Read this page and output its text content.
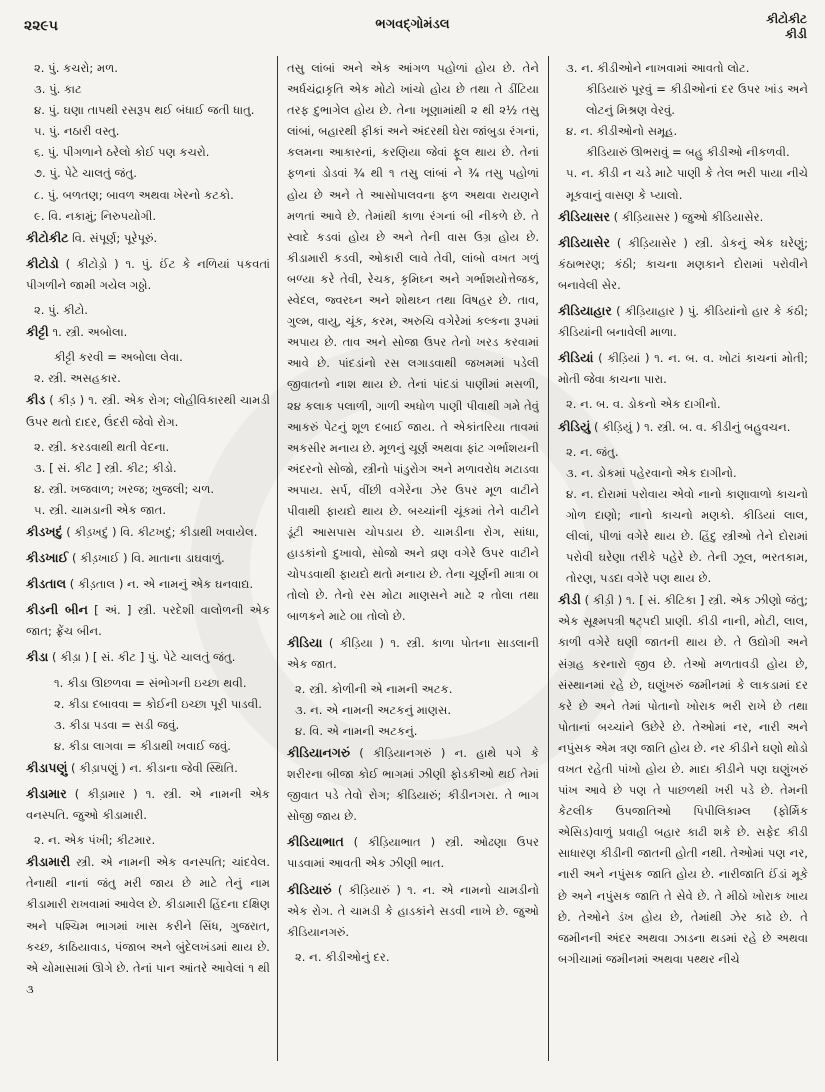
૨૨૯૫	ભગવદ્ગોમંડલ	કીટોકીટ
કીડી

૨. પું. કચરો; મળ.

૩. પું. કાટ

૪. પું. ઘણા તાપથી રસરૂપ થઈ બંધાઈ જતી ધાતુ.

૫. પું. નઠારી વસ્તુ.

૬. પું. પીગળાને ઠરેલો કોઈ પણ કચરો.

૭. પું. પેટે ચાલતું જંતુ.

૮. પું. બળતણ; બાવળ અથવા ખેરનો કટકો.

૯. વિ. નકામું; નિરુપયોગી.

કીટોકીટ વિ. સંપૂર્ણ; પૂરેપૂરું.

કીટોડો ( કીટોડ઼ો ) ૧. પું. ઈંટ કે નળિયાં પકવતાં પીગળીને જામી ગયેલ ગઠ્ઠો.

૨. પું. કીટો.

કીટ્ટી ૧. સ્ત્રી. અબોલા.

કીટ્ટી કરવી = અબોલા લેવા.

૨. સ્ત્રી. અસહકાર.

કીડ ( કીડ઼ ) ૧. સ્ત્રી. એક રોગ; લોહીવિકારથી ચામડી ઉપર થતો દાદર, ઉંદરી જેવો રોગ.

૨. સ્ત્રી. કરડવાથી થતી વેદના.

૩. [ સં. કીટ ] સ્ત્રી. કીટ; કીડો.

૪. સ્ત્રી. ખજવાળ; ખરજ; ખુજલી; ચળ.

૫. સ્ત્રી. ચામડાની એક જાત.

કીડખદું ( કીડ઼ખદું ) વિ. કીટખદું; કીડાથી ખવાયેલ.

કીડખાઈ ( કીડ઼ખાઈ ) વિ. માતાના ડાઘવાળું.

કીડતાલ ( કીડ઼તાલ ) ન. એ નામનું એક ઘનવાદ્ય.

કીડની બીન [ અં. ] સ્ત્રી. પરદેશી વાલોળની એક જાત; ફ્રેંચ બીન.

કીડા ( કીડ઼ા ) [ સં. કીટ ] પું. પેટે ચાલતું જંતુ.

૧. કીડા ઊછળવા = સંભોગની ઇચ્છા થવી.

૨. કીડા દબાવવા = કોઈની ઇચ્છા પૂરી પાડવી.

૩. કીડા પડવા = સડી જવું.

૪. કીડા લાગવા = કીડાથી ખવાઈ જવું.

કીડાપણું ( કીડ઼ાપણું ) ન. કીડાના જેવી સ્થિતિ.

કીડામાર ( કીડ઼ામાર ) ૧. સ્ત્રી. એ નામની એક વનસ્પતિ. જુઓ કીડામારી.

૨. ન. એક પંખી; કીટમાર.

કીડામારી સ્ત્રી. એ નામની એક વનસ્પતિ; ચાંદવેલ. તેનાથી નાનાં જંતુ મરી જાય છે માટે તેનું નામ કીડામારી રાખવામાં આવેલ છે. કીડામારી હિંદના દક્ષિણ અને પશ્ચિમ ભાગમાં ખાસ કરીને સિંધ, ગુજરાત, કચ્છ, કાઠિયાવાડ, પંજાબ અને બુંદેલખંડમાં થાય છે. એ ચોમાસામાં ઊગે છે. તેનાં પાન આંતરે આવેલાં ૧ થી ૩

તસુ લાંબાં અને એક આંગળ પહોળાં હોય છે. તેને અર્ધચંદ્રાકૃતિ એક મોટો ખાંચો હોય છે તથા તે ડીંટિયા તરફ દુભાગેલ હોય છે. તેના ખૂણામાંથી ૨ થી ૨½ તસુ લાંબાં, બહારથી ફીકાં અને અંદરથી ઘેરા જાંબુડા રંગનાં, કલમના આકારનાં, કરણિયા જેવાં ફૂલ થાય છે. તેનાં ફળનાં ડોડવાં ¾ થી ૧ તસુ લાંબાં ને ¾ તસુ પહોળાં હોય છે અને તે આસોપાલવના ફળ અથવા રાયણને મળતાં આવે છે. તેમાંથી કાળા રંગનાં બી નીકળે છે. તે સ્વાદે કડવાં હોય છે અને તેની વાસ ઉગ્ર હોય છે. કીડામારી કડવી, ઓકારી લાવે તેવી, લાંબો વખત ગળું બળ્યા કરે તેવી, રેચક, કૃમિઘ્ન અને ગર્ભાશયોત્તેજક, સ્વેદલ, જ્વરઘ્ન અને શોથઘ્ન તથા વિષહર છે. તાવ, ગુલ્મ, વાયુ, ચૂંક, કરમ, અરુચિ વગેરેમાં કલ્કના રૂપમાં અપાય છે. તાવ અને સોજા ઉપર તેનો ખરડ કરવામાં આવે છે. પાંદડાંનો રસ લગાડવાથી જખમમાં પડેલી જીવાતનો નાશ થાય છે. તેનાં પાંદડાં પાણીમાં મસળી, ૨૪ કલાક પલાળી, ગાળી અધોળ પાણી પીવાથી ગમે તેવું આકરું પેટનું શૂળ દબાઈ જાય. તે એકાંતરિયા તાવમાં અકસીર મનાય છે. મૂળનું ચૂર્ણ અથવા ફાંટ ગર્ભાશયની અંદરનો સોજો, સ્ત્રીનો પાંડુરોગ અને મળાવરોધ મટાડવા અપાય. સર્પ, વીંછી વગેરેના ઝેર ઉપર મૂળ વાટીને પીવાથી ફાયદો થાય છે. બચ્ચાંની ચૂંકમાં તેને વાટીને ડૂંટી આસપાસ ચોપડાય છે. ચામડીના રોગ, સાંધા, હાડકાંનો દુખાવો, સોજો અને વ્રણ વગેરે ઉપર વાટીને ચોપડવાથી ફાયદો થતો મનાય છે. તેના ચૂર્ણની માત્રા ૦। તોલો છે. તેનો રસ મોટા માણસને માટે ૨ તોલા તથા બાળકને માટે ૦॥ તોલો છે.

કીડિયા ( કીડ઼િયા ) ૧. સ્ત્રી. કાળા પોતના સાડલાની એક જાત.

૨. સ્ત્રી. કોળીની એ નામની અટક.

૩. ન. એ નામની અટકનું માણસ.

૪. વિ. એ નામની અટકનું.

કીડિયાનગરું ( કીડ઼િયાનગરું ) ન. હાથે પગે કે શરીરના બીજા કોઈ ભાગમાં ઝીણી ફોડકીઓ થઈ તેમાં જીવાત પડે તેવો રોગ; કીડિયારું; કીડીનગરા. તે ભાગ સોજી જાય છે.

કીડિયાભાત ( કીડ઼િયાભાત ) સ્ત્રી. ઓઢણા ઉપર પાડવામાં આવતી એક ઝીણી ભાત.

કીડિયારું ( કીડ઼િયારું ) ૧. ન. એ નામનો ચામડીનો એક રોગ. તે ચામડી કે હાડકાંને સડવી નાખે છે. જુઓ કીડિયાનગરું.

૨. ન. કીડીઓનું દર.

૩. ન. કીડીઓને નાખવામાં આવતો લોટ.

કીડિયારું પૂરવું = કીડીઓનાં દર ઉપર ખાંડ અને લોટનું મિશ્રણ વેરવું.

૪. ન. કીડીઓનો સમૂહ.

કીડિયારું ઊભરાવું = બહુ કીડીઓ નીકળવી.

૫. ન. કીડી ન ચડે માટે પાણી કે તેલ ભરી પાયા નીચે મૂકવાનું વાસણ કે પ્યાલો.

કીડિયાસર ( કીડ઼િયાસર ) જુઓ કીડિયાસેર.

કીડિયાસેર ( કીડ઼િયાસેર ) સ્ત્રી. ડોકનું એક ઘરેણું; કંઠાભરણ; કંઠી; કાચના મણકાને દોરામાં પરોવીને બનાવેલી સેર.

કીડિયાહાર ( કીડ઼િયાહાર ) પું. કીડિયાંનો હાર કે કંઠી; કીડિયાંની બનાવેલી માળા.

કીડિયાં ( કીડ઼િયાં ) ૧. ન. બ. વ. ખોટાં કાચનાં મોતી; મોતી જેવા કાચના પારા.

૨. ન. બ. વ. ડોકનો એક દાગીનો.

કીડિયું ( કીડ઼િયું ) ૧. સ્ત્રી. બ. વ. કીડીનું બહુવચન.

૨. ન. જંતુ.

૩. ન. ડોકમાં પહેરવાનો એક દાગીનો.

૪. ન. દોરામાં પરોવાય એવો નાનો કાણાવાળો કાચનો ગોળ દાણો; નાનો કાચનો મણકો. કીડિયાં લાલ, લીલાં, પીળાં વગેરે થાય છે. હિંદુ સ્ત્રીઓ તેને દોરામાં પરોવી ઘરેણા તરીકે પહેરે છે. તેની ઝૂલ, ભરતકામ, તોરણ, પડદા વગેરે પણ થાય છે.

કીડી ( કીડ઼ી ) ૧. [ સં. કીટિકા ] સ્ત્રી. એક ઝીણો જંતુ; એક સૂક્ષ્મપત્રી ષટ્પદી પ્રાણી. કીડી નાની, મોટી, લાલ, કાળી વગેરે ઘણી જાતની થાય છે. તે ઉદ્યોગી અને સંગ્રહ કરનારો જીવ છે. તેઓ મળતાવડી હોય છે, સંસ્થાનમાં રહે છે, ઘણુંખરું જમીનમાં કે લાકડામાં દર કરે છે અને તેમાં પોતાનો ખોરાક ભરી રાખે છે તથા પોતાનાં બચ્ચાંને ઉછેરે છે. તેઓમાં નર, નારી અને નપુંસક એમ ત્રણ જાતિ હોય છે. નર કીડીને ઘણો થોડો વખત રહેતી પાંખો હોય છે. માદા કીડીને પણ ઘણુંખરું પાંખ આવે છે પણ તે પાછળથી ખરી પડે છે. તેમની કેટલીક ઉપજાતિઓ પિપીલિકામ્લ (ફોર્મિક એસિડ)વાળું પ્રવાહી બહાર કાઢી શકે છે. સફેદ કીડી સાધારણ કીડીની જાતની હોતી નથી. તેઓમાં પણ નર, નારી અને નપુંસક જાતિ હોય છે. નારીજાતિ ઈંડાં મૂકે છે અને નપુંસક જાતિ તે સેવે છે. તે મીઠો ખોરાક ખાય છે. તેઓને ડંખ હોય છે, તેમાંથી ઝેર કાઢે છે. તે જમીનની અંદર અથવા ઝાડના થડમાં રહે છે અથવા બગીચામાં જમીનમાં અથવા પથ્થર નીચે
